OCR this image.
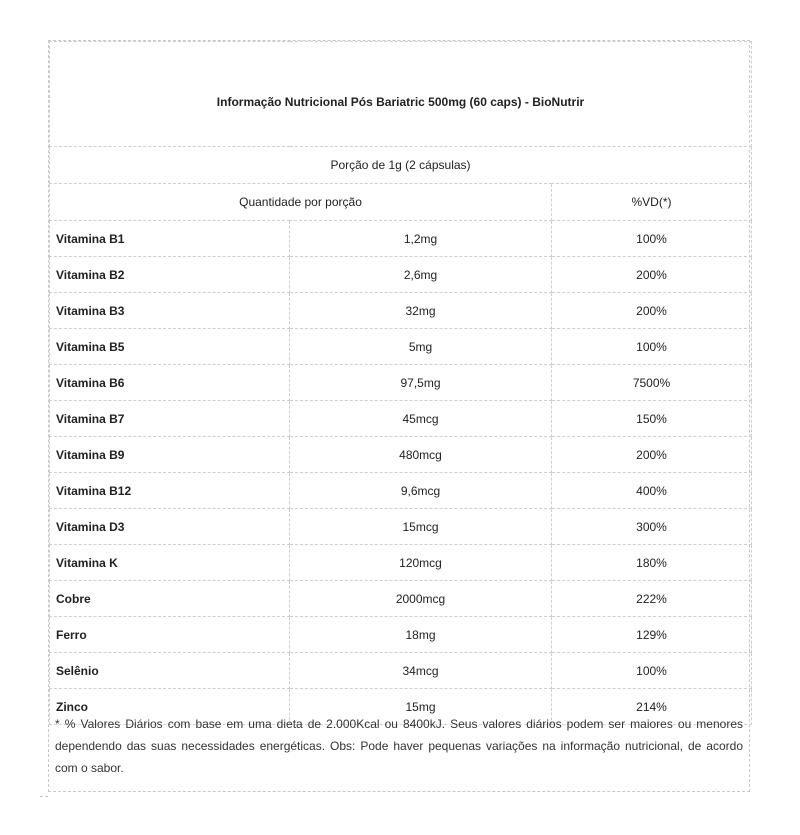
Informação Nutricional Pós Bariatric 500mg (60 caps) - BioNutrir		
Porção de 1g (2 cápsulas)		
Quantidade por porção		%VD(*)
Vitamina B1	1,2mg	100%
Vitamina B2	2,6mg	200%
Vitamina B3	32mg	200%
Vitamina B5	5mg	100%
Vitamina B6	97,5mg	7500%
Vitamina B7	45mcg	150%
Vitamina B9	480mcg	200%
Vitamina B12	9,6mcg	400%
Vitamina D3	15mcg	300%
Vitamina K	120mcg	180%
Cobre	2000mcg	222%
Ferro	18mg	129%
Selênio	34mcg	100%
Zinco	15mg	214%
* % Valores Diários com base em uma dieta de 2.000Kcal ou 8400kJ. Seus valores diários podem ser maiores ou menores dependendo das suas necessidades energéticas. Obs: Pode haver pequenas variações na informação nutricional, de acordo com o sabor.
